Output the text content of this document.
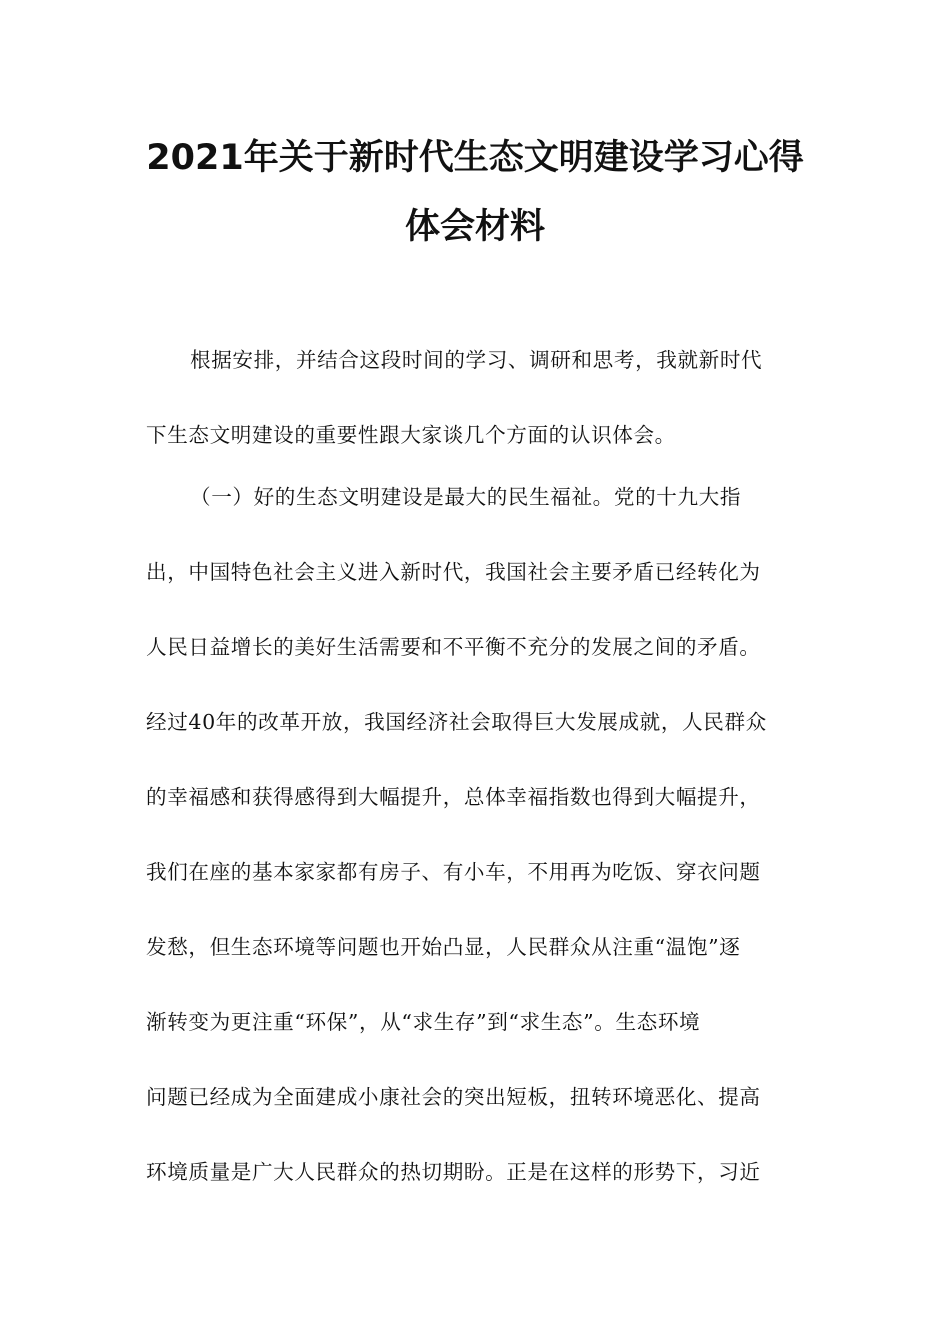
2021年关于新时代生态文明建设学习心得
体会材料
根据安排，并结合这段时间的学习、调研和思考，我就新时代
下生态文明建设的重要性跟大家谈几个方面的认识体会。
（一）好的生态文明建设是最大的民生福祉。党的十九大指
出，中国特色社会主义进入新时代，我国社会主要矛盾已经转化为
人民日益增长的美好生活需要和不平衡不充分的发展之间的矛盾。
经过40年的改革开放，我国经济社会取得巨大发展成就，人民群众
的幸福感和获得感得到大幅提升，总体幸福指数也得到大幅提升，
我们在座的基本家家都有房子、有小车，不用再为吃饭、穿衣问题
发愁，但生态环境等问题也开始凸显，人民群众从注重“温饱”逐
渐转变为更注重“环保”，从“求生存”到“求生态”。生态环境
问题已经成为全面建成小康社会的突出短板，扭转环境恶化、提高
环境质量是广大人民群众的热切期盼。正是在这样的形势下，习近
